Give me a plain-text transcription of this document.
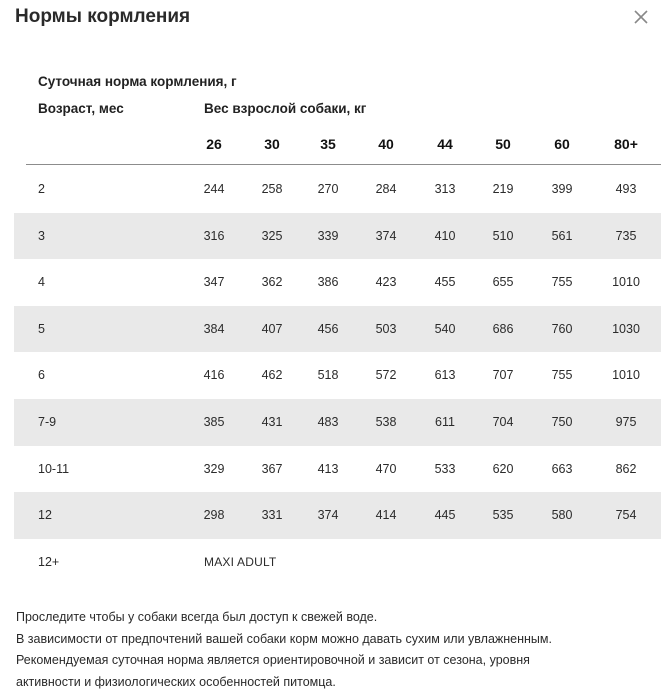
Нормы кормления
Суточная норма кормления, г
Возраст, мес	Вес взрослой собаки, кг
26	30	35	40	44	50	60	80+
2	244	258	270	284	313	219	399	493
3	316	325	339	374	410	510	561	735
4	347	362	386	423	455	655	755	1010
5	384	407	456	503	540	686	760	1030
6	416	462	518	572	613	707	755	1010
7-9	385	431	483	538	611	704	750	975
10-11	329	367	413	470	533	620	663	862
12	298	331	374	414	445	535	580	754
12+	MAXI ADULT
Проследите чтобы у собаки всегда был доступ к свежей воде.
В зависимости от предпочтений вашей собаки корм можно давать сухим или увлажненным.
Рекомендуемая суточная норма является ориентировочной и зависит от сезона, уровня
активности и физиологических особенностей питомца.
